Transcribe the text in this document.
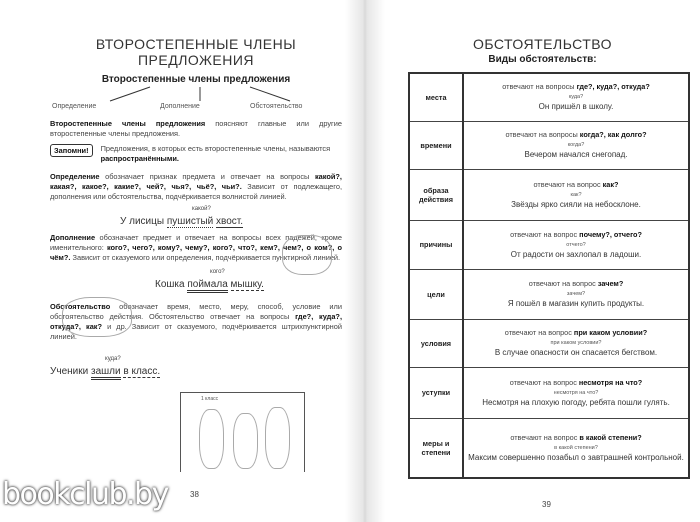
ВТОРОСТЕПЕННЫЕ ЧЛЕНЫ ПРЕДЛОЖЕНИЯ
Второстепенные члены предложения
Определение	Дополнение	Обстоятельство

Второстепенные члены предложения поясняют главные или другие второстепенные члены предложения.

Запомни!	Предложения, в которых есть второстепенные члены, называются распространёнными.

Определение обозначает признак предмета и отвечает на вопросы какой?, какая?, какое?, какие?, чей?, чья?, чьё?, чьи?. Зависит от подлежащего, дополнения или обстоятельства, подчёркивается волнистой линией.

какой?
У лисицы пушистый хвост.

Дополнение обозначает предмет и отвечает на вопросы всех падежей, кроме именительного: кого?, чего?, кому?, чему?, кого?, что?, кем?, чем?, о ком?, о чём?. Зависит от сказуемого или определения, подчёркивается пунктирной линией.

кого?
Кошка поймала мышку.

Обстоятельство обозначает время, место, меру, способ, условие или обстоятельство действия. Обстоятельство отвечает на вопросы где?, куда?, откуда?, как? и др. Зависит от сказуемого, подчёркивается штрихпунктирной линией.

куда?
Ученики зашли в класс.
1 класс
38
ОБСТОЯТЕЛЬСТВО
Виды обстоятельств:
места	отвечают на вопросы где?, куда?, откуда?
куда?
Он пришёл в школу.
времени	отвечают на вопросы когда?, как долго?
когда?
Вечером начался снегопад.
образа действия	отвечают на вопрос как?
как?
Звёзды ярко сияли на небосклоне.
причины	отвечают на вопрос почему?, отчего?
отчего?
От радости он захлопал в ладоши.
цели	отвечают на вопрос зачем?
зачем?
Я пошёл в магазин купить продукты.
условия	отвечают на вопрос при каком условии?
при каком условии?
В случае опасности он спасается бегством.
уступки	отвечают на вопрос несмотря на что?
несмотря на что?
Несмотря на плохую погоду, ребята пошли гулять.
меры и степени	отвечают на вопрос в какой степени?
в какой степени?
Максим совершенно позабыл о завтрашней контрольной.
39
bookclub.by
